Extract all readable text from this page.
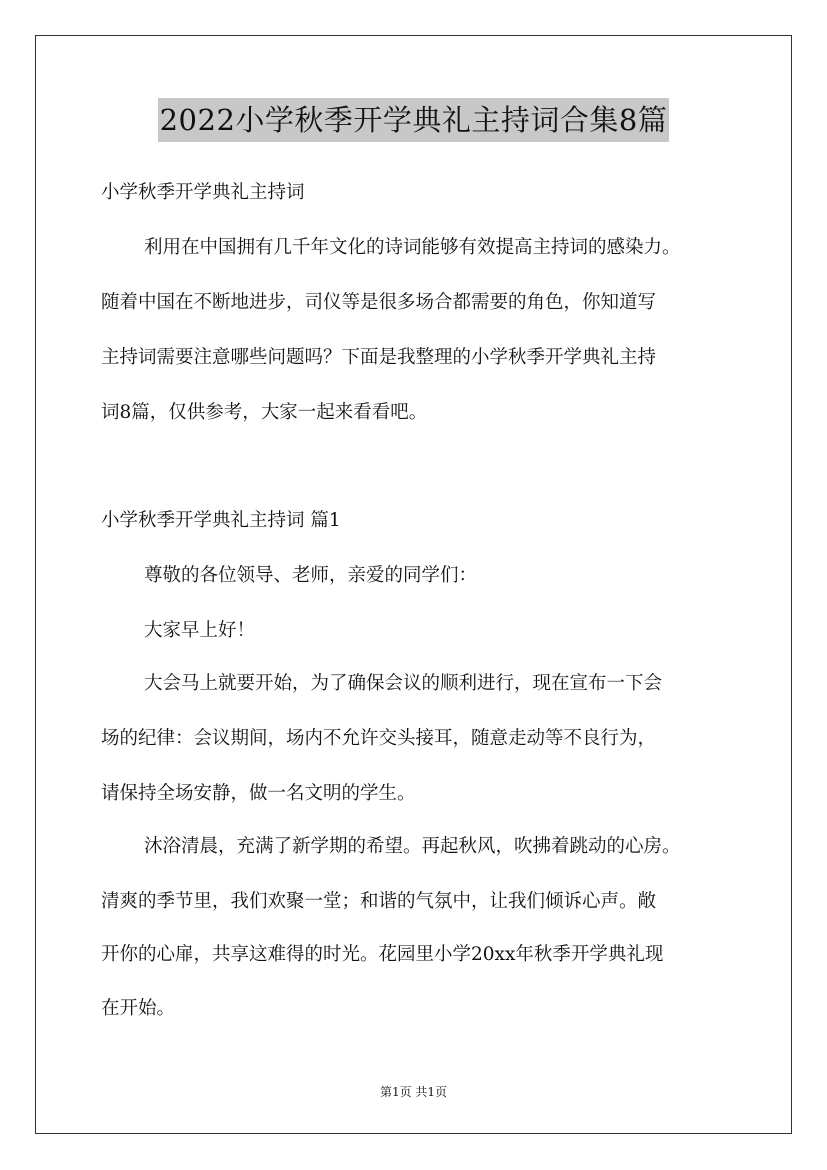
2022小学秋季开学典礼主持词合集8篇
小学秋季开学典礼主持词
利用在中国拥有几千年文化的诗词能够有效提高主持词的感染力。
随着中国在不断地进步，司仪等是很多场合都需要的角色，你知道写
主持词需要注意哪些问题吗？下面是我整理的小学秋季开学典礼主持
词8篇，仅供参考，大家一起来看看吧。
小学秋季开学典礼主持词 篇1
尊敬的各位领导、老师，亲爱的同学们：
大家早上好！
大会马上就要开始，为了确保会议的顺利进行，现在宣布一下会
场的纪律：会议期间，场内不允许交头接耳，随意走动等不良行为，
请保持全场安静，做一名文明的学生。
沐浴清晨，充满了新学期的希望。再起秋风，吹拂着跳动的心房。
清爽的季节里，我们欢聚一堂；和谐的气氛中，让我们倾诉心声。敞
开你的心扉，共享这难得的时光。花园里小学20xx年秋季开学典礼现
在开始。
第1页 共1页
